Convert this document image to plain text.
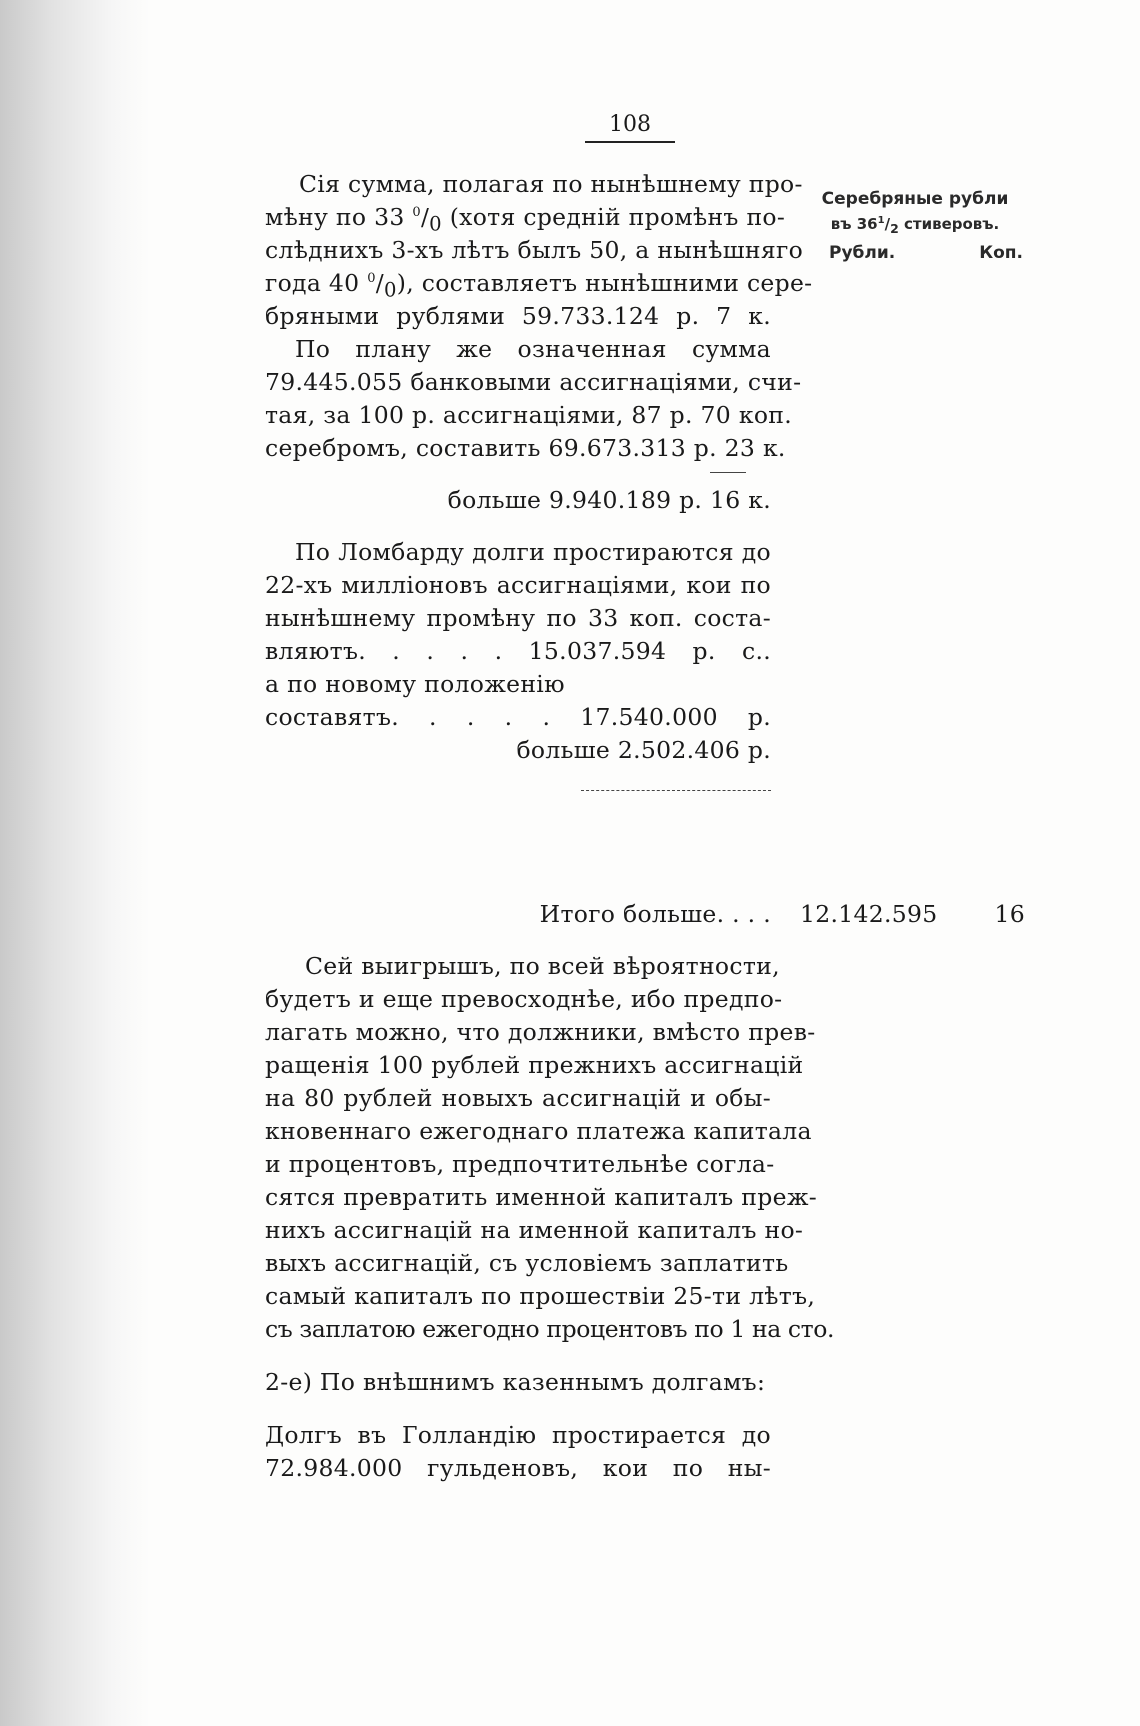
108
Серебряные рубли
въ $36^1/_2$ стиверовъ.
Рубли.	Коп.
Сія сумма, полагая по нынѣшнему про-
мѣну по 33 $^0/_0$ (хотя средній промѣнъ по-
слѣднихъ 3-хъ лѣтъ былъ 50, а нынѣшняго
года 40 $^0/_0$), составляетъ нынѣшними сере-
бряными рублями 59.733.124 р. 7 к.
По плану же означенная сумма
79.445.055 банковыми ассигнаціями, счи-
тая, за 100 р. ассигнаціями, 87 р. 70 коп.
серебромъ, составить 69.673.313 р. 23 к.
больше 9.940.189 р. 16 к.
По Ломбарду долги простираются до
22-хъ милліоновъ ассигнаціями, кои по
нынѣшнему промѣну по 33 коп. соста-
вляютъ. . . . . 15.037.594 р. с..
а по новому положенію
составятъ. . . . . 17.540.000 р.
больше 2.502.406 р.
Итого больше. . . .
Сей выигрышъ, по всей вѣроятности,
будетъ и еще превосходнѣе, ибо предпо-
лагать можно, что должники, вмѣсто прев-
ращенія 100 рублей прежнихъ ассигнацій
на 80 рублей новыхъ ассигнацій и обы-
кновеннаго ежегоднаго платежа капитала
и процентовъ, предпочтительнѣе согла-
сятся превратить именной капиталъ преж-
нихъ ассигнацій на именной капиталъ но-
выхъ ассигнацій, съ условіемъ заплатить
самый капиталъ по прошествіи 25-ти лѣтъ,
съ заплатою ежегодно процентовъ по 1 на сто.
2-е) По внѣшнимъ казеннымъ долгамъ:
Долгъ въ Голландію простирается до
72.984.000 гульденовъ, кои по ны-
12.142.595 16
